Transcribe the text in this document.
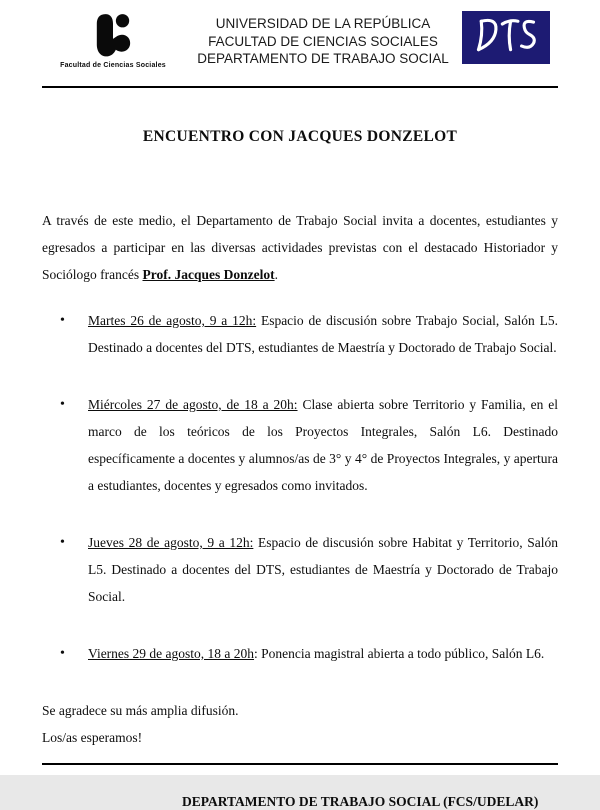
Facultad de Ciencias Sociales
UNIVERSIDAD DE LA REPÚBLICA
FACULTAD DE CIENCIAS SOCIALES
DEPARTAMENTO DE TRABAJO SOCIAL
ENCUENTRO CON JACQUES DONZELOT

A través de este medio, el Departamento de Trabajo Social invita a docentes, estudiantes y egresados a participar en las diversas actividades previstas con el destacado Historiador y Sociólogo francés Prof. Jacques Donzelot.

• Martes 26 de agosto, 9 a 12h: Espacio de discusión sobre Trabajo Social, Salón L5. Destinado a docentes del DTS, estudiantes de Maestría y Doctorado de Trabajo Social.
• Miércoles 27 de agosto, de 18 a 20h: Clase abierta sobre Territorio y Familia, en el marco de los teóricos de los Proyectos Integrales, Salón L6. Destinado específicamente a docentes y alumnos/as de 3° y 4° de Proyectos Integrales, y apertura a estudiantes, docentes y egresados como invitados.
• Jueves 28 de agosto, 9 a 12h: Espacio de discusión sobre Habitat y Territorio, Salón L5. Destinado a docentes del DTS, estudiantes de Maestría y Doctorado de Trabajo Social.
• Viernes 29 de agosto, 18 a 20h: Ponencia magistral abierta a todo público, Salón L6.
Se agradece su más amplia difusión.
Los/as esperamos!
DEPARTAMENTO DE TRABAJO SOCIAL (FCS/UDELAR)
